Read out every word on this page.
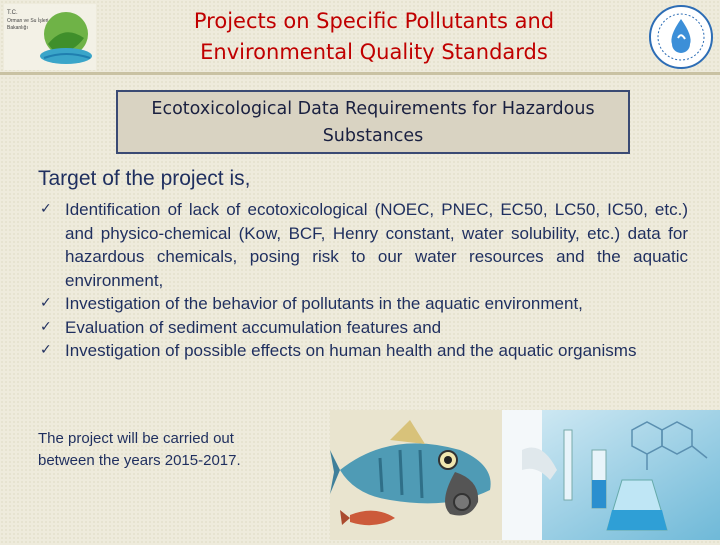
T.C.
Orman ve Su İşleri
Bakanlığı	Projects on Specific Pollutants and
Environmental Quality Standards
Ecotoxicological Data Requirements for Hazardous
Substances
Target of the project is,
✓ Identification of lack of ecotoxicological (NOEC, PNEC, EC50, LC50, IC50, etc.) and physico-chemical (Kow, BCF, Henry constant, water solubility, etc.) data for hazardous chemicals, posing risk to our water resources and the aquatic environment,
✓ Investigation of the behavior of pollutants in the aquatic environment,
✓ Evaluation of sediment accumulation features and
✓ Investigation of possible effects on human health and the aquatic organisms
The project will be carried out
between the years 2015-2017.
